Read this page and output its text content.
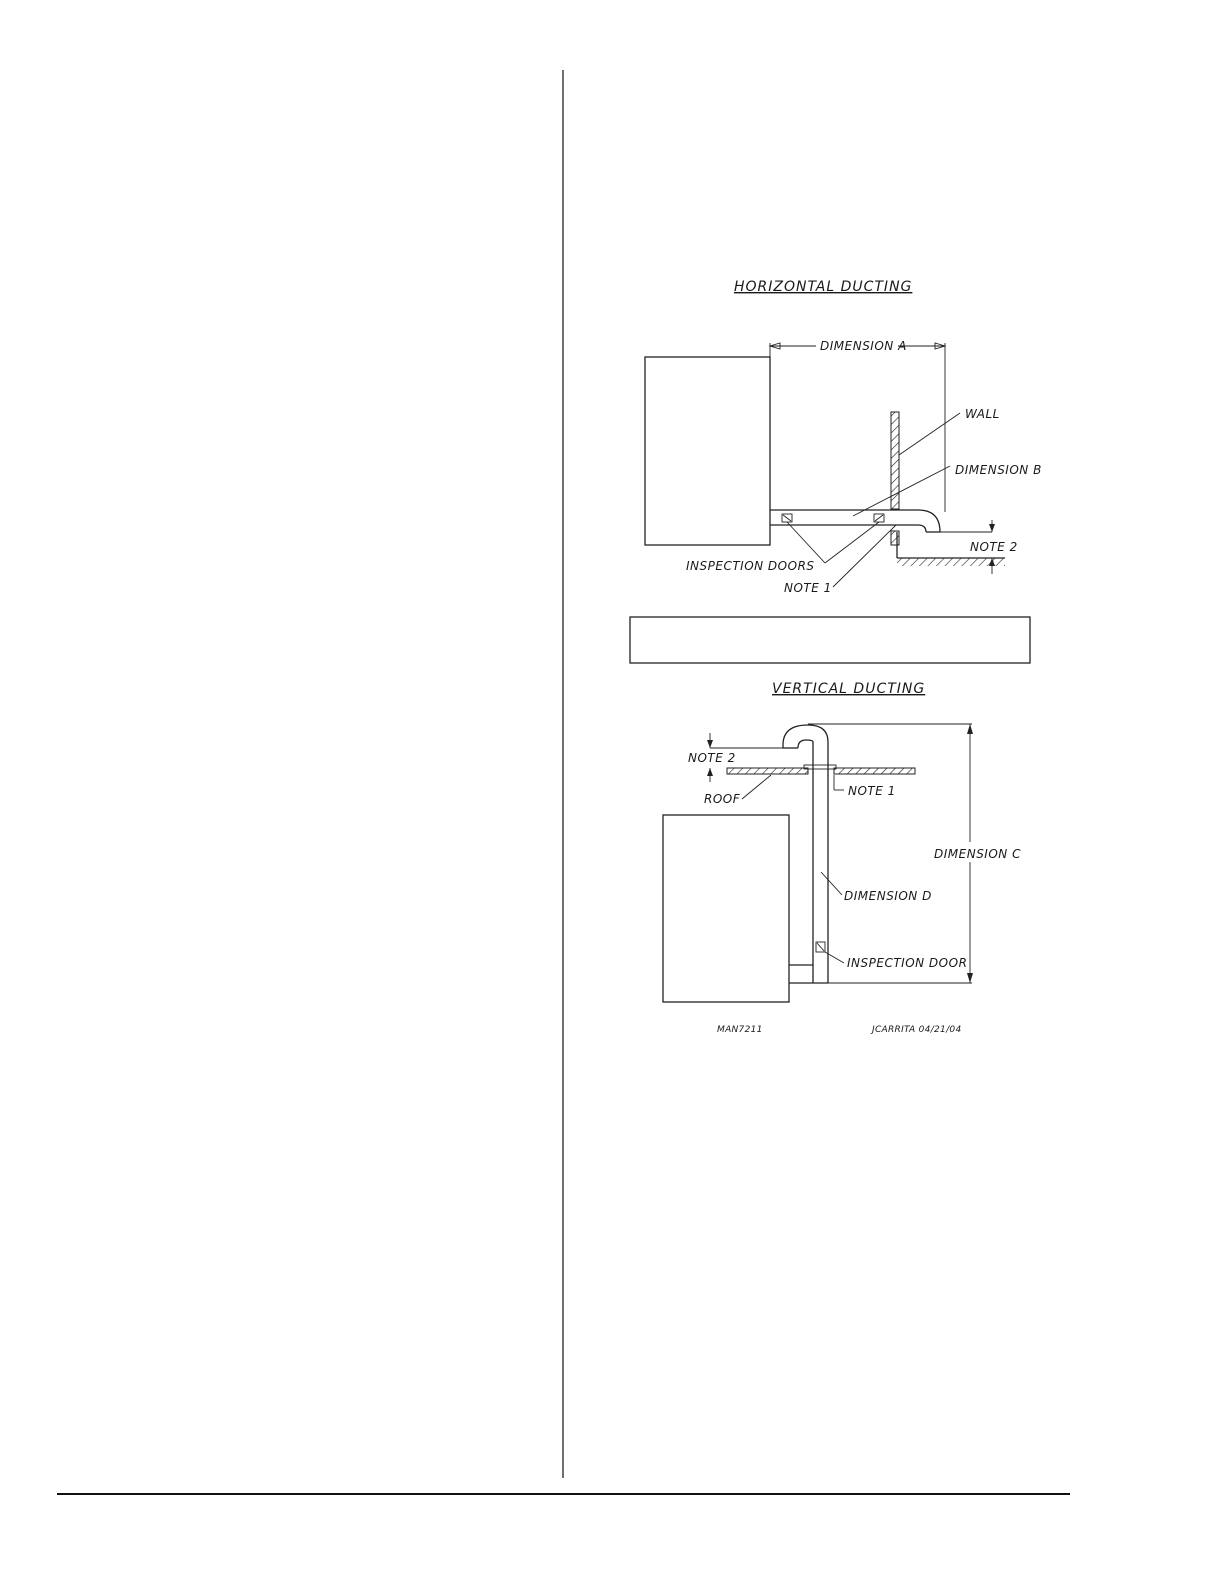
HORIZONTAL DUCTING
DIMENSION A
WALL
DIMENSION B
NOTE 2
INSPECTION DOORS
NOTE 1
VERTICAL DUCTING
ROOF
NOTE 1
NOTE 2
DIMENSION C
DIMENSION D
INSPECTION DOOR
MAN7211	JCARRITA 04/21/04
